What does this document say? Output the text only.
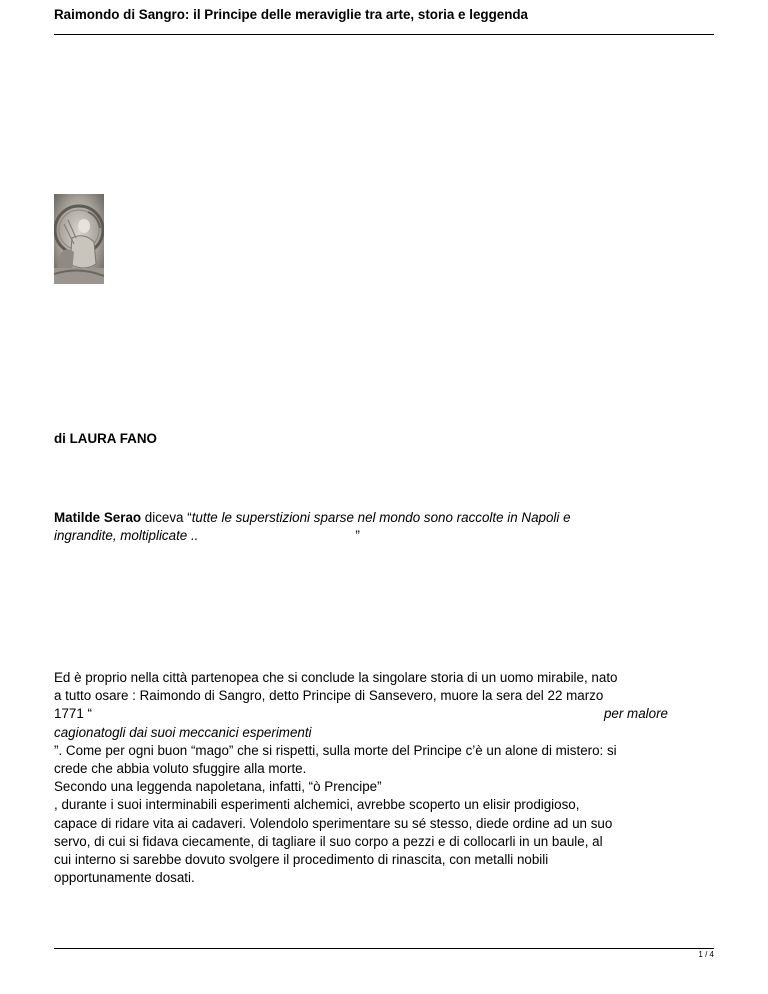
Raimondo di Sangro: il Principe delle meraviglie tra arte, storia e leggenda
di LAURA FANO
Matilde Serao diceva “tutte le superstizioni sparse nel mondo sono raccolte in Napoli e
ingrandite, moltiplicate ..	”
Ed è proprio nella città partenopea che si conclude la singolare storia di un uomo mirabile, nato
a tutto osare : Raimondo di Sangro, detto Principe di Sansevero, muore la sera del 22 marzo
1771 “	per malore
cagionatogli dai suoi meccanici esperimenti
”. Come per ogni buon “mago” che si rispetti, sulla morte del Principe c’è un alone di mistero: si
crede che abbia voluto sfuggire alla morte.
Secondo una leggenda napoletana, infatti, “ò Prencipe”
, durante i suoi interminabili esperimenti alchemici, avrebbe scoperto un elisir prodigioso,
capace di ridare vita ai cadaveri. Volendolo sperimentare su sé stesso, diede ordine ad un suo
servo, di cui si fidava ciecamente, di tagliare il suo corpo a pezzi e di collocarli in un baule, al
cui interno si sarebbe dovuto svolgere il procedimento di rinascita, con metalli nobili
opportunamente dosati.
1 / 4
